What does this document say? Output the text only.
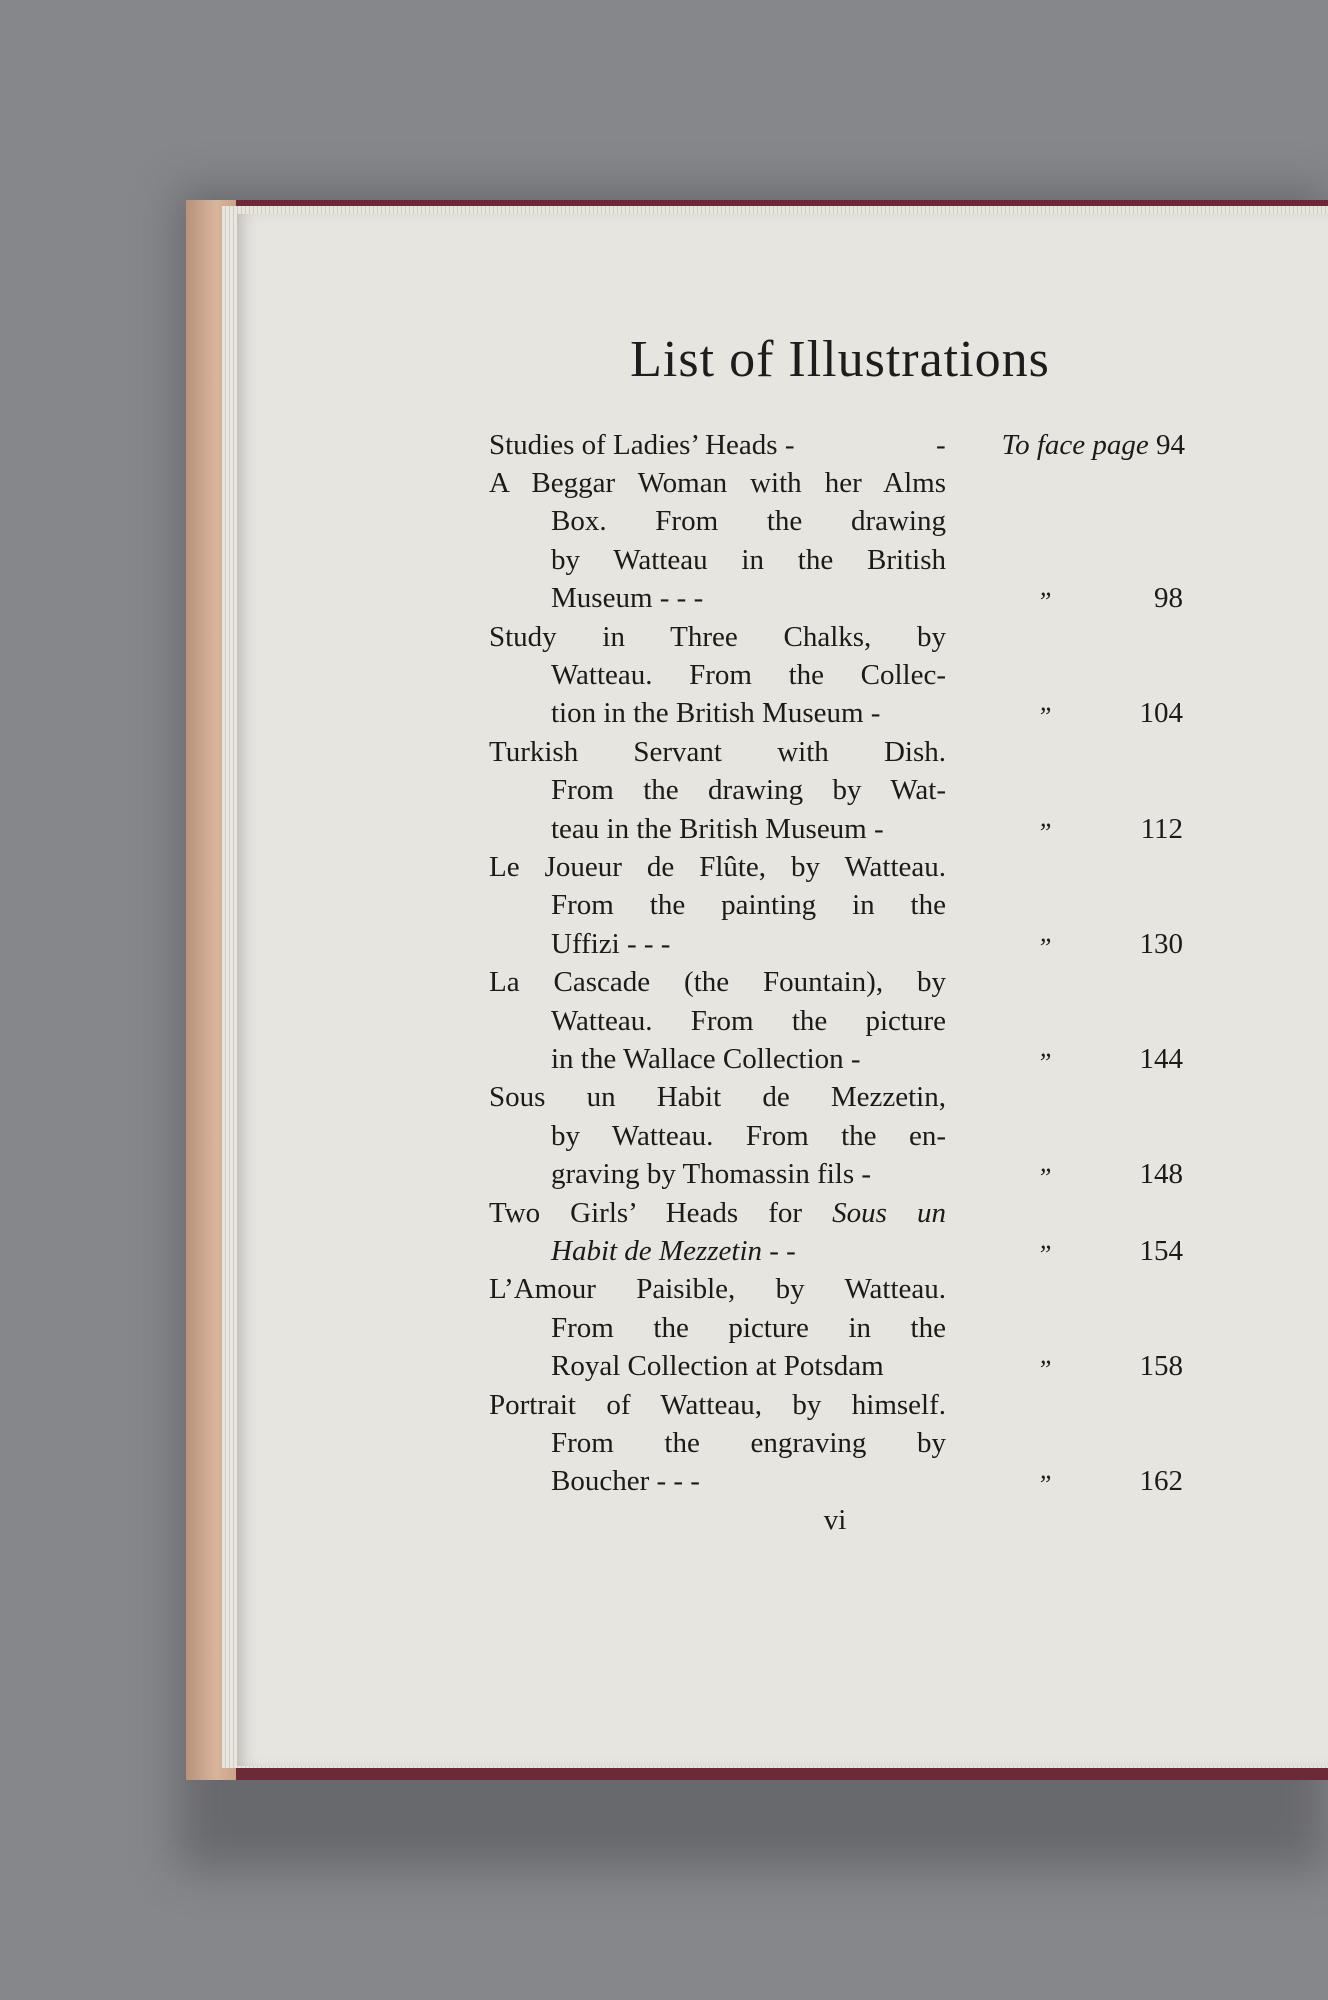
List of Illustrations
Studies of Ladies’ Heads -	-	To face page 94
A Beggar Woman with her Alms
Box. From the drawing
by Watteau in the British
Museum - - -	”	98
Study in Three Chalks, by
Watteau. From the Collec-
tion in the British Museum -	”	104
Turkish Servant with Dish.
From the drawing by Wat-
teau in the British Museum -	”	112
Le Joueur de Flûte, by Watteau.
From the painting in the
Uffizi - - -	”	130
La Cascade (the Fountain), by
Watteau. From the picture
in the Wallace Collection -	”	144
Sous un Habit de Mezzetin,
by Watteau. From the en-
graving by Thomassin fils -	”	148
Two Girls’ Heads for Sous un
Habit de Mezzetin - -	”	154
L’Amour Paisible, by Watteau.
From the picture in the
Royal Collection at Potsdam	”	158
Portrait of Watteau, by himself.
From the engraving by
Boucher - - -	”	162
vi
